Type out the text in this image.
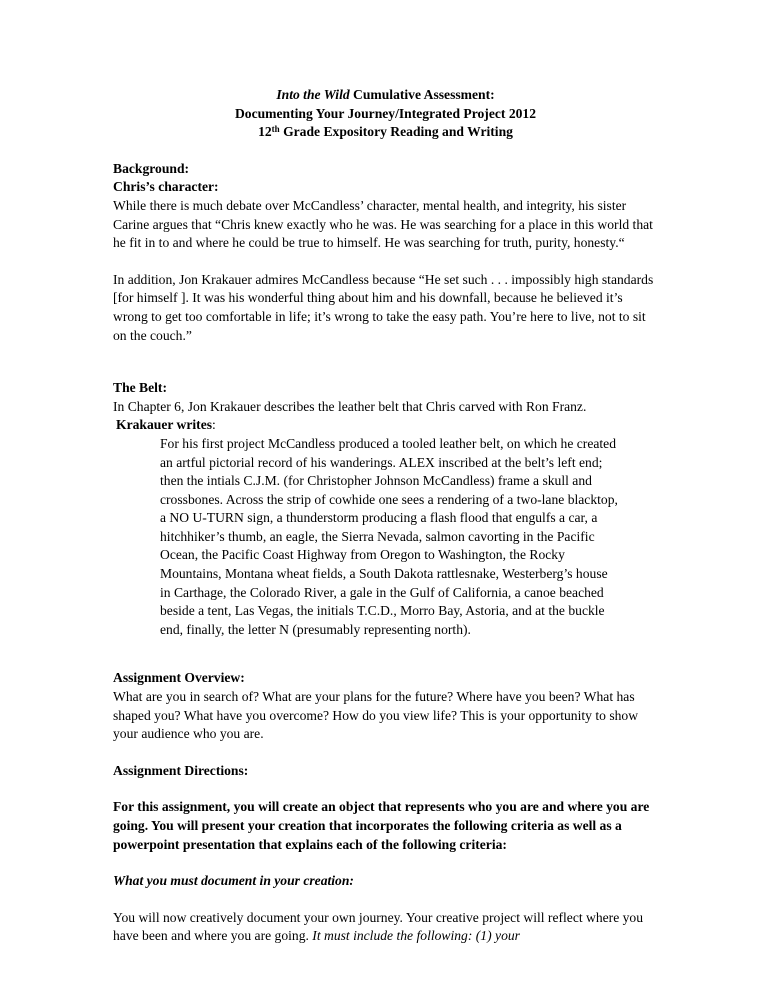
Into the Wild Cumulative Assessment:
Documenting Your Journey/Integrated Project 2012
12th Grade Expository Reading and Writing

Background:

Chris’s character:

While there is much debate over McCandless’ character, mental health, and integrity, his sister Carine argues that “Chris knew exactly who he was. He was searching for a place in this world that he fit in to and where he could be true to himself. He was searching for truth, purity, honesty.“

In addition, Jon Krakauer admires McCandless because “He set such . . . impossibly high standards [for himself ]. It was his wonderful thing about him and his downfall, because he believed it’s wrong to get too comfortable in life; it’s wrong to take the easy path. You’re here to live, not to sit on the couch.”

The Belt:

In Chapter 6, Jon Krakauer describes the leather belt that Chris carved with Ron Franz.

Krakauer writes:

For his first project McCandless produced a tooled leather belt, on which he created an artful pictorial record of his wanderings. ALEX inscribed at the belt’s left end; then the intials C.J.M. (for Christopher Johnson McCandless) frame a skull and crossbones. Across the strip of cowhide one sees a rendering of a two-lane blacktop, a NO U-TURN sign, a thunderstorm producing a flash flood that engulfs a car, a hitchhiker’s thumb, an eagle, the Sierra Nevada, salmon cavorting in the Pacific Ocean, the Pacific Coast Highway from Oregon to Washington, the Rocky Mountains, Montana wheat fields, a South Dakota rattlesnake, Westerberg’s house in Carthage, the Colorado River, a gale in the Gulf of California, a canoe beached beside a tent, Las Vegas, the initials T.C.D., Morro Bay, Astoria, and at the buckle end, finally, the letter N (presumably representing north).

Assignment Overview:

What are you in search of? What are your plans for the future? Where have you been? What has shaped you? What have you overcome? How do you view life? This is your opportunity to show your audience who you are.

Assignment Directions:

For this assignment, you will create an object that represents who you are and where you are going. You will present your creation that incorporates the following criteria as well as a powerpoint presentation that explains each of the following criteria:

What you must document in your creation:

You will now creatively document your own journey. Your creative project will reflect where you have been and where you are going. It must include the following: (1) your
